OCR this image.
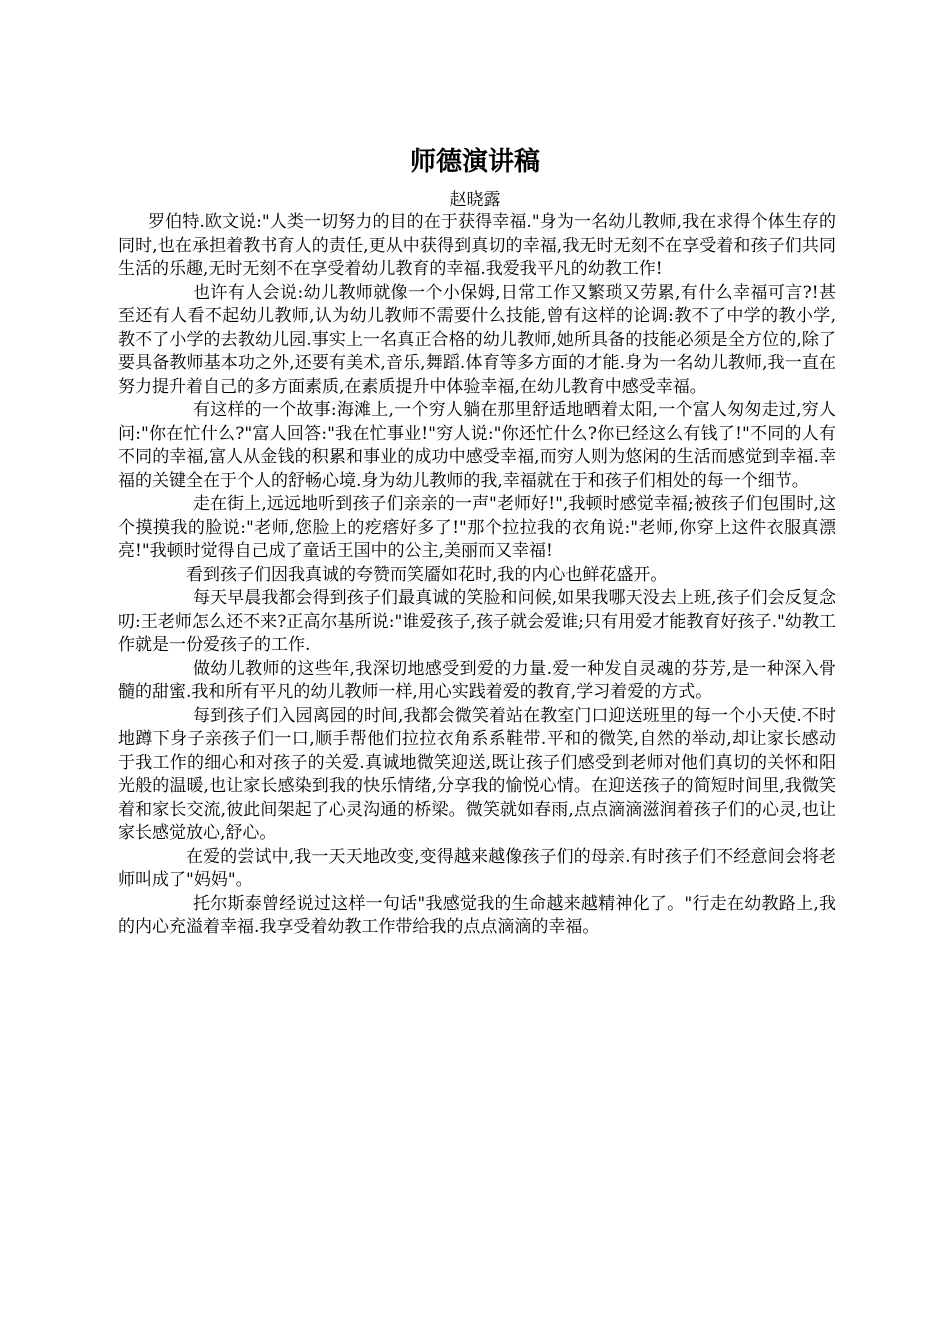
师德演讲稿
赵晓露

罗伯特.欧文说:"人类一切努力的目的在于获得幸福."身为一名幼儿教师,我在求得个体生存的同时,也在承担着教书育人的责任,更从中获得到真切的幸福,我无时无刻不在享受着和孩子们共同生活的乐趣,无时无刻不在享受着幼儿教育的幸福.我爱我平凡的幼教工作!

也许有人会说:幼儿教师就像一个小保姆,日常工作又繁琐又劳累,有什么幸福可言?!甚至还有人看不起幼儿教师,认为幼儿教师不需要什么技能,曾有这样的论调:教不了中学的教小学,教不了小学的去教幼儿园.事实上一名真正合格的幼儿教师,她所具备的技能必须是全方位的,除了要具备教师基本功之外,还要有美术,音乐,舞蹈.体育等多方面的才能.身为一名幼儿教师,我一直在努力提升着自己的多方面素质,在素质提升中体验幸福,在幼儿教育中感受幸福。

有这样的一个故事:海滩上,一个穷人躺在那里舒适地晒着太阳,一个富人匆匆走过,穷人问:"你在忙什么?"富人回答:"我在忙事业!"穷人说:"你还忙什么?你已经这么有钱了!"不同的人有不同的幸福,富人从金钱的积累和事业的成功中感受幸福,而穷人则为悠闲的生活而感觉到幸福.幸福的关键全在于个人的舒畅心境.身为幼儿教师的我,幸福就在于和孩子们相处的每一个细节。

走在街上,远远地听到孩子们亲亲的一声"老师好!",我顿时感觉幸福;被孩子们包围时,这个摸摸我的脸说:"老师,您脸上的疙瘩好多了!"那个拉拉我的衣角说:"老师,你穿上这件衣服真漂亮!"我顿时觉得自己成了童话王国中的公主,美丽而又幸福!

看到孩子们因我真诚的夸赞而笑靥如花时,我的内心也鲜花盛开。

每天早晨我都会得到孩子们最真诚的笑脸和问候,如果我哪天没去上班,孩子们会反复念叨:王老师怎么还不来?正高尔基所说:"谁爱孩子,孩子就会爱谁;只有用爱才能教育好孩子."幼教工作就是一份爱孩子的工作.

做幼儿教师的这些年,我深切地感受到爱的力量.爱一种发自灵魂的芬芳,是一种深入骨髓的甜蜜.我和所有平凡的幼儿教师一样,用心实践着爱的教育,学习着爱的方式。

每到孩子们入园离园的时间,我都会微笑着站在教室门口迎送班里的每一个小天使.不时地蹲下身子亲孩子们一口,顺手帮他们拉拉衣角系系鞋带.平和的微笑,自然的举动,却让家长感动于我工作的细心和对孩子的关爱.真诚地微笑迎送,既让孩子们感受到老师对他们真切的关怀和阳光般的温暖,也让家长感染到我的快乐情绪,分享我的愉悦心情。在迎送孩子的简短时间里,我微笑着和家长交流,彼此间架起了心灵沟通的桥梁。微笑就如春雨,点点滴滴滋润着孩子们的心灵,也让家长感觉放心,舒心。

在爱的尝试中,我一天天地改变,变得越来越像孩子们的母亲.有时孩子们不经意间会将老师叫成了"妈妈"。

托尔斯泰曾经说过这样一句话"我感觉我的生命越来越精神化了。"行走在幼教路上,我的内心充溢着幸福.我享受着幼教工作带给我的点点滴滴的幸福。
